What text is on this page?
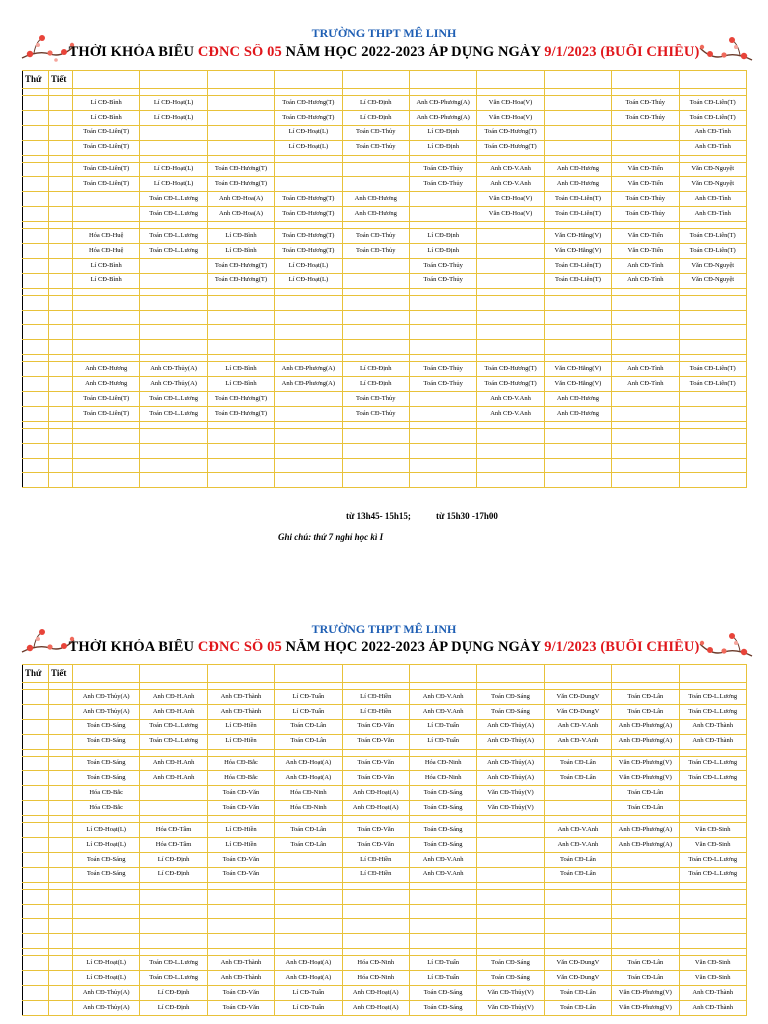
TRƯỜNG THPT MÊ LINH
THỜI KHÓA BIỂU CĐNC SỐ 05 NĂM HỌC 2022-2023 ÁP DỤNG NGÀY 9/1/2023 (BUỔI CHIỀU)
Thứ	Tiết										

		Lí CĐ-Bình	Lí CĐ-Hoạt(L)		Toán CĐ-Hương(T)	Lí CĐ-Định	Anh CĐ-Phương(A)	Văn CĐ-Hoa(V)		Toán CĐ-Thúy	Toán CĐ-Liên(T)
		Lí CĐ-Bình	Lí CĐ-Hoạt(L)		Toán CĐ-Hương(T)	Lí CĐ-Định	Anh CĐ-Phương(A)	Văn CĐ-Hoa(V)		Toán CĐ-Thúy	Toán CĐ-Liên(T)
		Toán CĐ-Liên(T)			Lí CĐ-Hoạt(L)	Toán CĐ-Thủy	Lí CĐ-Định	Toán CĐ-Hương(T)			Anh CĐ-Tình
		Toán CĐ-Liên(T)			Lí CĐ-Hoạt(L)	Toán CĐ-Thủy	Lí CĐ-Định	Toán CĐ-Hương(T)			Anh CĐ-Tình

		Toán CĐ-Liên(T)	Lí CĐ-Hoạt(L)	Toán CĐ-Hương(T)			Toán CĐ-Thủy	Anh CĐ-V.Anh	Anh CĐ-Hương	Văn CĐ-Tiến	Văn CĐ-Nguyệt
		Toán CĐ-Liên(T)	Lí CĐ-Hoạt(L)	Toán CĐ-Hương(T)			Toán CĐ-Thủy	Anh CĐ-V.Anh	Anh CĐ-Hương	Văn CĐ-Tiến	Văn CĐ-Nguyệt
			Toán CĐ-L.Lương	Anh CĐ-Hoa(A)	Toán CĐ-Hương(T)	Anh CĐ-Hương		Văn CĐ-Hoa(V)	Toán CĐ-Liên(T)	Toán CĐ-Thủy	Anh CĐ-Tình
			Toán CĐ-L.Lương	Anh CĐ-Hoa(A)	Toán CĐ-Hương(T)	Anh CĐ-Hương		Văn CĐ-Hoa(V)	Toán CĐ-Liên(T)	Toán CĐ-Thủy	Anh CĐ-Tình

		Hóa CĐ-Huệ	Toán CĐ-L.Lương	Lí CĐ-Bình	Toán CĐ-Hương(T)	Toán CĐ-Thủy	Lí CĐ-Định		Văn CĐ-Hằng(V)	Văn CĐ-Tiến	Toán CĐ-Liên(T)
		Hóa CĐ-Huệ	Toán CĐ-L.Lương	Lí CĐ-Bình	Toán CĐ-Hương(T)	Toán CĐ-Thủy	Lí CĐ-Định		Văn CĐ-Hằng(V)	Văn CĐ-Tiến	Toán CĐ-Liên(T)
		Lí CĐ-Bình		Toán CĐ-Hương(T)	Lí CĐ-Hoạt(L)		Toán CĐ-Thủy		Toán CĐ-Liên(T)	Anh CĐ-Tình	Văn CĐ-Nguyệt
		Lí CĐ-Bình		Toán CĐ-Hương(T)	Lí CĐ-Hoạt(L)		Toán CĐ-Thủy		Toán CĐ-Liên(T)	Anh CĐ-Tình	Văn CĐ-Nguyệt

		Anh CĐ-Hương	Anh CĐ-Thủy(A)	Lí CĐ-Bình	Anh CĐ-Phương(A)	Lí CĐ-Định	Toán CĐ-Thủy	Toán CĐ-Hương(T)	Văn CĐ-Hằng(V)	Anh CĐ-Tình	Toán CĐ-Liên(T)
		Anh CĐ-Hương	Anh CĐ-Thủy(A)	Lí CĐ-Bình	Anh CĐ-Phương(A)	Lí CĐ-Định	Toán CĐ-Thủy	Toán CĐ-Hương(T)	Văn CĐ-Hằng(V)	Anh CĐ-Tình	Toán CĐ-Liên(T)
		Toán CĐ-Liên(T)	Toán CĐ-L.Lương	Toán CĐ-Hương(T)		Toán CĐ-Thủy		Anh CĐ-V.Anh	Anh CĐ-Hương		
		Toán CĐ-Liên(T)	Toán CĐ-L.Lương	Toán CĐ-Hương(T)		Toán CĐ-Thủy		Anh CĐ-V.Anh	Anh CĐ-Hương		

từ 13h45- 15h15;	từ 15h30 -17h00
Ghi chú: thứ 7 nghỉ học kì I
TRƯỜNG THPT MÊ LINH
THỜI KHÓA BIỂU CĐNC SỐ 05 NĂM HỌC 2022-2023 ÁP DỤNG NGÀY 9/1/2023 (BUỔI CHIỀU)
Thứ	Tiết										

		Anh CĐ-Thủy(A)	Anh CĐ-H.Anh	Anh CĐ-Thành	Lí CĐ-Tuấn	Lí CĐ-Hiền	Anh CĐ-V.Anh	Toán CĐ-Sáng	Văn CĐ-DungV	Toán CĐ-Lân	Toán CĐ-L.Lương
		Anh CĐ-Thủy(A)	Anh CĐ-H.Anh	Anh CĐ-Thành	Lí CĐ-Tuấn	Lí CĐ-Hiền	Anh CĐ-V.Anh	Toán CĐ-Sáng	Văn CĐ-DungV	Toán CĐ-Lân	Toán CĐ-L.Lương
		Toán CĐ-Sáng	Toán CĐ-L.Lương	Lí CĐ-Hiền	Toán CĐ-Lân	Toán CĐ-Văn	Lí CĐ-Tuấn	Anh CĐ-Thủy(A)	Anh CĐ-V.Anh	Anh CĐ-Phương(A)	Anh CĐ-Thành
		Toán CĐ-Sáng	Toán CĐ-L.Lương	Lí CĐ-Hiền	Toán CĐ-Lân	Toán CĐ-Văn	Lí CĐ-Tuấn	Anh CĐ-Thủy(A)	Anh CĐ-V.Anh	Anh CĐ-Phương(A)	Anh CĐ-Thành

		Toán CĐ-Sáng	Anh CĐ-H.Anh	Hóa CĐ-Bắc	Anh CĐ-Hoạt(A)	Toán CĐ-Văn	Hóa CĐ-Ninh	Anh CĐ-Thủy(A)	Toán CĐ-Lân	Văn CĐ-Phương(V)	Toán CĐ-L.Lương
		Toán CĐ-Sáng	Anh CĐ-H.Anh	Hóa CĐ-Bắc	Anh CĐ-Hoạt(A)	Toán CĐ-Văn	Hóa CĐ-Ninh	Anh CĐ-Thủy(A)	Toán CĐ-Lân	Văn CĐ-Phương(V)	Toán CĐ-L.Lương
		Hóa CĐ-Bắc		Toán CĐ-Văn	Hóa CĐ-Ninh	Anh CĐ-Hoạt(A)	Toán CĐ-Sáng	Văn CĐ-Thủy(V)		Toán CĐ-Lân	
		Hóa CĐ-Bắc		Toán CĐ-Văn	Hóa CĐ-Ninh	Anh CĐ-Hoạt(A)	Toán CĐ-Sáng	Văn CĐ-Thủy(V)		Toán CĐ-Lân	

		Lí CĐ-Hoạt(L)	Hóa CĐ-Tâm	Lí CĐ-Hiền	Toán CĐ-Lân	Toán CĐ-Văn	Toán CĐ-Sáng		Anh CĐ-V.Anh	Anh CĐ-Phương(A)	Văn CĐ-Sinh
		Lí CĐ-Hoạt(L)	Hóa CĐ-Tâm	Lí CĐ-Hiền	Toán CĐ-Lân	Toán CĐ-Văn	Toán CĐ-Sáng		Anh CĐ-V.Anh	Anh CĐ-Phương(A)	Văn CĐ-Sinh
		Toán CĐ-Sáng	Lí CĐ-Định	Toán CĐ-Văn		Lí CĐ-Hiền	Anh CĐ-V.Anh		Toán CĐ-Lân		Toán CĐ-L.Lương
		Toán CĐ-Sáng	Lí CĐ-Định	Toán CĐ-Văn		Lí CĐ-Hiền	Anh CĐ-V.Anh		Toán CĐ-Lân		Toán CĐ-L.Lương

		Lí CĐ-Hoạt(L)	Toán CĐ-L.Lương	Anh CĐ-Thành	Anh CĐ-Hoạt(A)	Hóa CĐ-Ninh	Lí CĐ-Tuấn	Toán CĐ-Sáng	Văn CĐ-DungV	Toán CĐ-Lân	Văn CĐ-Sinh
		Lí CĐ-Hoạt(L)	Toán CĐ-L.Lương	Anh CĐ-Thành	Anh CĐ-Hoạt(A)	Hóa CĐ-Ninh	Lí CĐ-Tuấn	Toán CĐ-Sáng	Văn CĐ-DungV	Toán CĐ-Lân	Văn CĐ-Sinh
		Anh CĐ-Thủy(A)	Lí CĐ-Định	Toán CĐ-Văn	Lí CĐ-Tuấn	Anh CĐ-Hoạt(A)	Toán CĐ-Sáng	Văn CĐ-Thủy(V)	Toán CĐ-Lân	Văn CĐ-Phương(V)	Anh CĐ-Thành
		Anh CĐ-Thủy(A)	Lí CĐ-Định	Toán CĐ-Văn	Lí CĐ-Tuấn	Anh CĐ-Hoạt(A)	Toán CĐ-Sáng	Văn CĐ-Thủy(V)	Toán CĐ-Lân	Văn CĐ-Phương(V)	Anh CĐ-Thành
